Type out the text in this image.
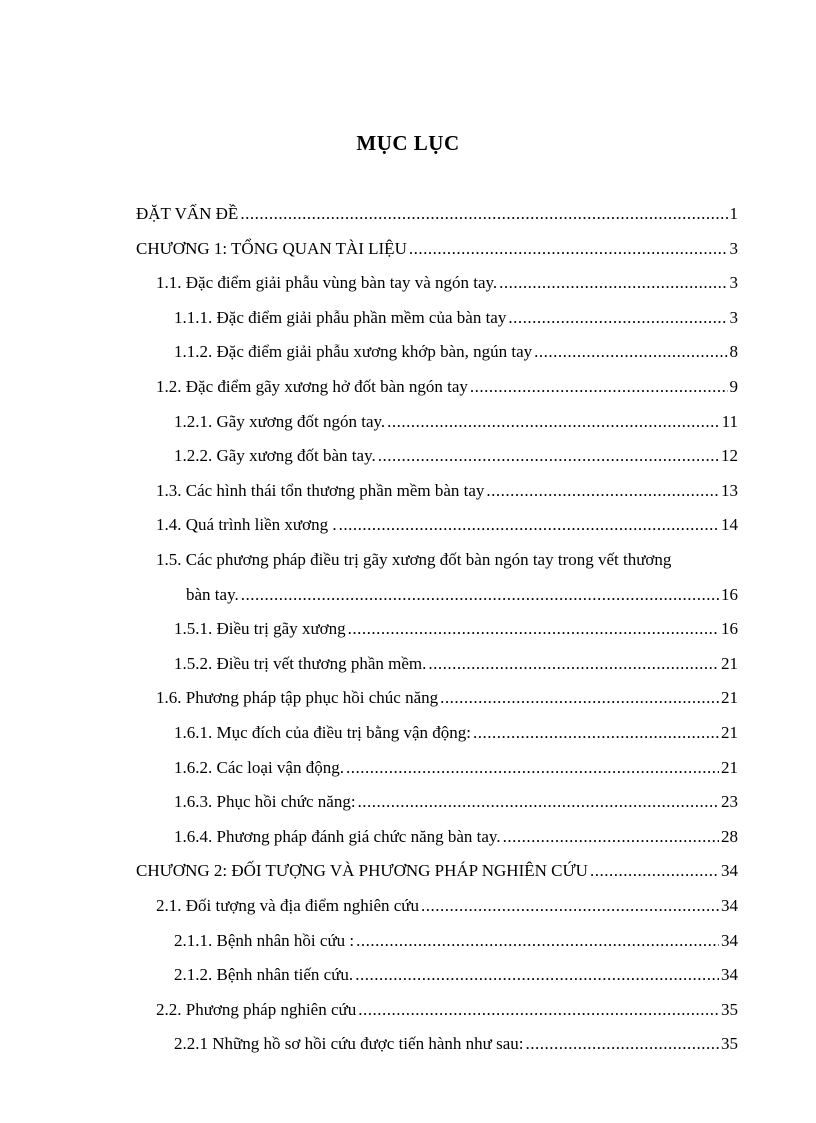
MỤC LỤC
ĐẶT VẤN ĐỀ .....	1
CHƯƠNG 1: TỔNG QUAN TÀI LIỆU .....	3
1.1. Đặc điểm giải phẫu vùng bàn tay và ngón tay. .....	3
1.1.1. Đặc điểm giải phẫu phần mềm của bàn tay .....	3
1.1.2. Đặc điểm giải phẫu xương khớp bàn, ngún tay .....	8
1.2. Đặc điểm gãy xương hở đốt bàn ngón tay .....	9
1.2.1. Gãy xương đốt ngón tay. .....	11
1.2.2. Gãy xương đốt bàn tay. .....	12
1.3. Các hình thái tổn thương phần mềm bàn tay .....	13
1.4. Quá trình liền xương . .....	14
1.5. Các phương pháp điều trị gãy xương đốt bàn ngón tay trong vết thương
bàn tay. .....	16
1.5.1. Điều trị gãy xương .....	16
1.5.2. Điều trị vết thương phần mềm. .....	21
1.6. Phương pháp tập phục hồi chúc năng .....	21
1.6.1. Mục đích của điều trị bằng vận động: .....	21
1.6.2. Các loại vận động. .....	21
1.6.3. Phục hồi chức năng: .....	23
1.6.4. Phương pháp đánh giá chức năng bàn tay. .....	28
CHƯƠNG 2: ĐỐI TƯỢNG VÀ PHƯƠNG PHÁP NGHIÊN CỨU .....	34
2.1. Đối tượng và địa điểm nghiên cứu .....	34
2.1.1. Bệnh nhân hồi cứu : .....	34
2.1.2. Bệnh nhân tiến cứu. .....	34
2.2. Phương pháp nghiên cứu .....	35
2.2.1 Những hồ sơ hồi cứu được tiến hành như sau: .....	35
